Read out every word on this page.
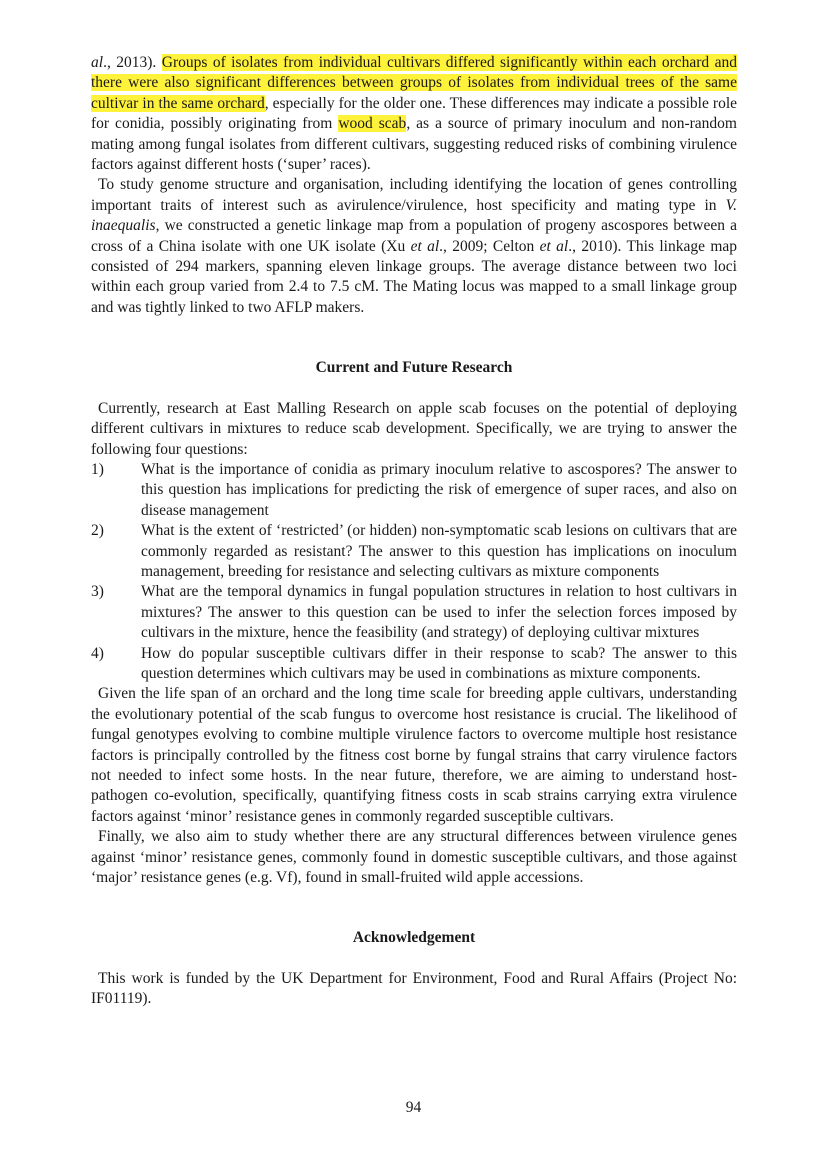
al., 2013). Groups of isolates from individual cultivars differed significantly within each orchard and there were also significant differences between groups of isolates from individual trees of the same cultivar in the same orchard, especially for the older one. These differences may indicate a possible role for conidia, possibly originating from wood scab, as a source of primary inoculum and non-random mating among fungal isolates from different cultivars, suggesting reduced risks of combining virulence factors against different hosts (‘super’ races).

To study genome structure and organisation, including identifying the location of genes controlling important traits of interest such as avirulence/virulence, host specificity and mating type in V. inaequalis, we constructed a genetic linkage map from a population of progeny ascospores between a cross of a China isolate with one UK isolate (Xu et al., 2009; Celton et al., 2010). This linkage map consisted of 294 markers, spanning eleven linkage groups. The average distance between two loci within each group varied from 2.4 to 7.5 cM. The Mating locus was mapped to a small linkage group and was tightly linked to two AFLP makers.

Current and Future Research

Currently, research at East Malling Research on apple scab focuses on the potential of deploying different cultivars in mixtures to reduce scab development. Specifically, we are trying to answer the following four questions:

1)	What is the importance of conidia as primary inoculum relative to ascospores? The answer to this question has implications for predicting the risk of emergence of super races, and also on disease management
2)	What is the extent of ‘restricted’ (or hidden) non-symptomatic scab lesions on cultivars that are commonly regarded as resistant? The answer to this question has implications on inoculum management, breeding for resistance and selecting cultivars as mixture components
3)	What are the temporal dynamics in fungal population structures in relation to host cultivars in mixtures? The answer to this question can be used to infer the selection forces imposed by cultivars in the mixture, hence the feasibility (and strategy) of deploying cultivar mixtures
4)	How do popular susceptible cultivars differ in their response to scab? The answer to this question determines which cultivars may be used in combinations as mixture components.

Given the life span of an orchard and the long time scale for breeding apple cultivars, understanding the evolutionary potential of the scab fungus to overcome host resistance is crucial. The likelihood of fungal genotypes evolving to combine multiple virulence factors to overcome multiple host resistance factors is principally controlled by the fitness cost borne by fungal strains that carry virulence factors not needed to infect some hosts. In the near future, therefore, we are aiming to understand host-pathogen co-evolution, specifically, quantifying fitness costs in scab strains carrying extra virulence factors against ‘minor’ resistance genes in commonly regarded susceptible cultivars.

Finally, we also aim to study whether there are any structural differences between virulence genes against ‘minor’ resistance genes, commonly found in domestic susceptible cultivars, and those against ‘major’ resistance genes (e.g. Vf), found in small-fruited wild apple accessions.

Acknowledgement

This work is funded by the UK Department for Environment, Food and Rural Affairs (Project No: IF01119).

94
